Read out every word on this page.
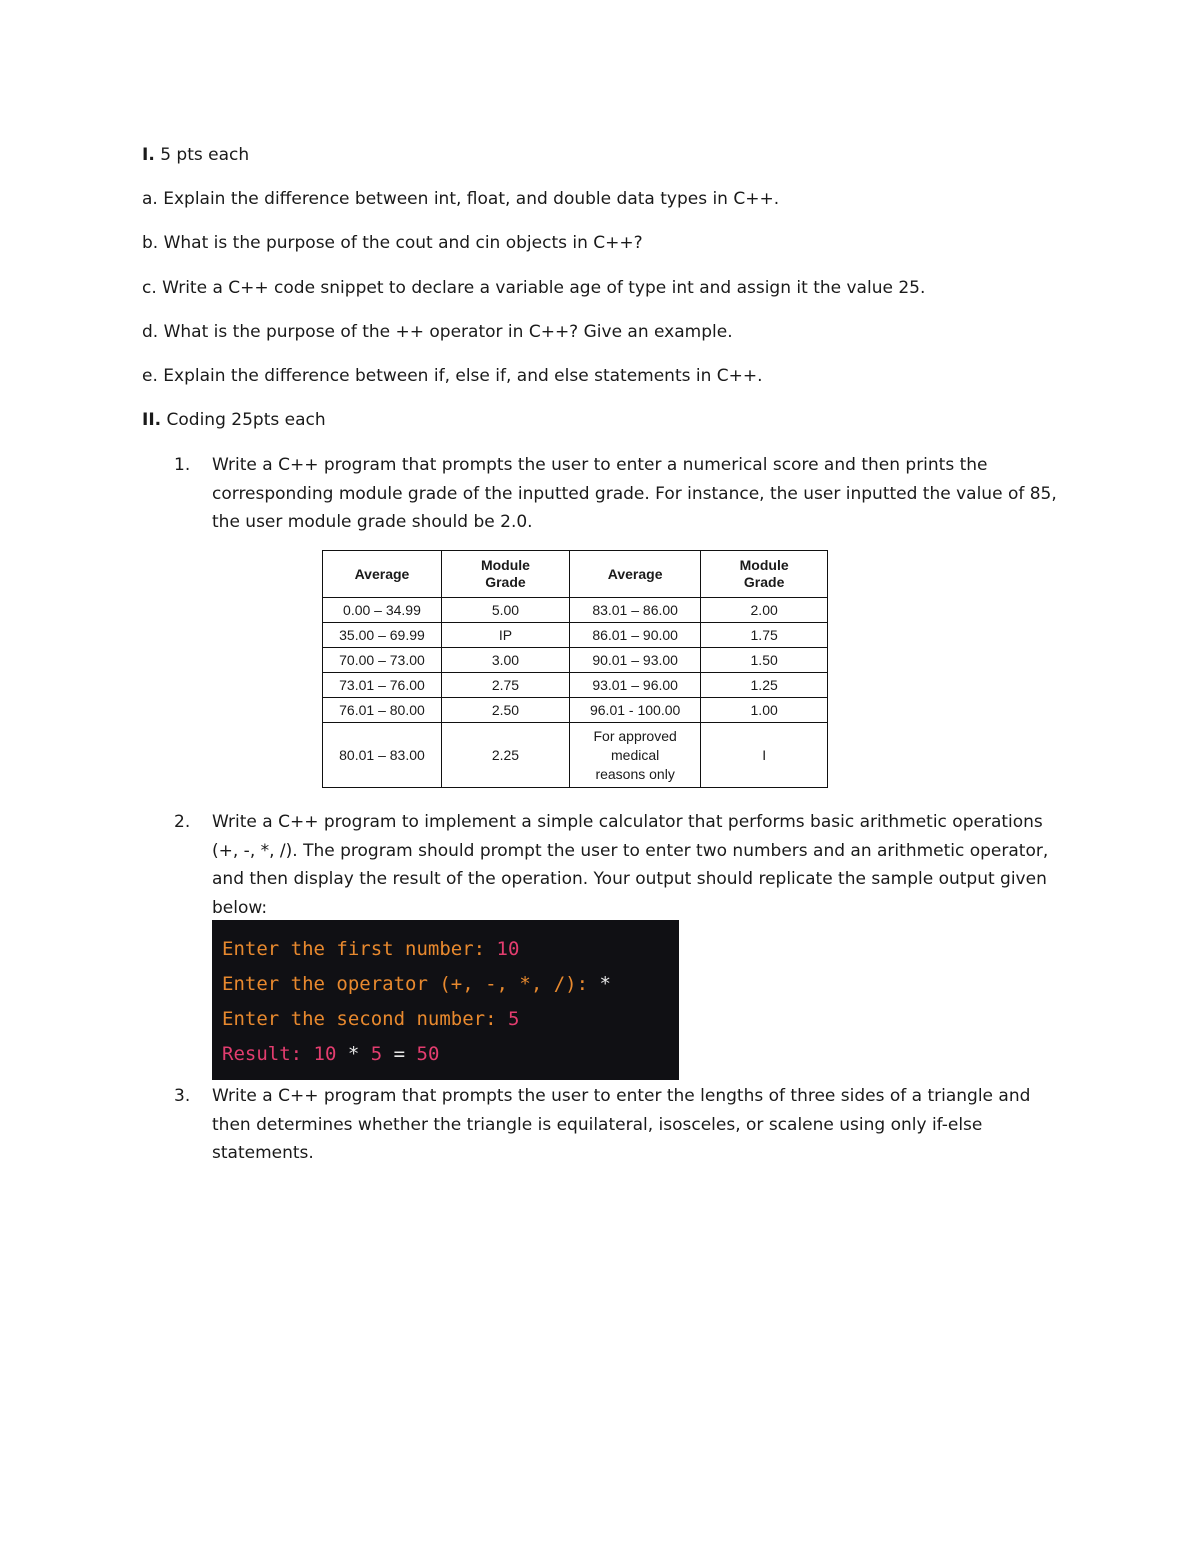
I. 5 pts each
a. Explain the difference between int, float, and double data types in C++.
b. What is the purpose of the cout and cin objects in C++?
c. Write a C++ code snippet to declare a variable age of type int and assign it the value 25.
d. What is the purpose of the ++ operator in C++? Give an example.
e. Explain the difference between if, else if, and else statements in C++.
II. Coding 25pts each
1. Write a C++ program that prompts the user to enter a numerical score and then prints the corresponding module grade of the inputted grade. For instance, the user inputted the value of 85, the user module grade should be 2.0.
Average	Module Grade	Average	Module Grade
0.00 – 34.99	5.00	83.01 – 86.00	2.00
35.00 – 69.99	IP	86.01 – 90.00	1.75
70.00 – 73.00	3.00	90.01 – 93.00	1.50
73.01 – 76.00	2.75	93.01 – 96.00	1.25
76.01 – 80.00	2.50	96.01 - 100.00	1.00
80.01 – 83.00	2.25	For approved medical reasons only	I
2. Write a C++ program to implement a simple calculator that performs basic arithmetic operations (+, -, *, /). The program should prompt the user to enter two numbers and an arithmetic operator, and then display the result of the operation. Your output should replicate the sample output given below:
Enter the first number: 10
Enter the operator (+, -, *, /): *
Enter the second number: 5
Result: 10 * 5 = 50
3. Write a C++ program that prompts the user to enter the lengths of three sides of a triangle and then determines whether the triangle is equilateral, isosceles, or scalene using only if-else statements.
